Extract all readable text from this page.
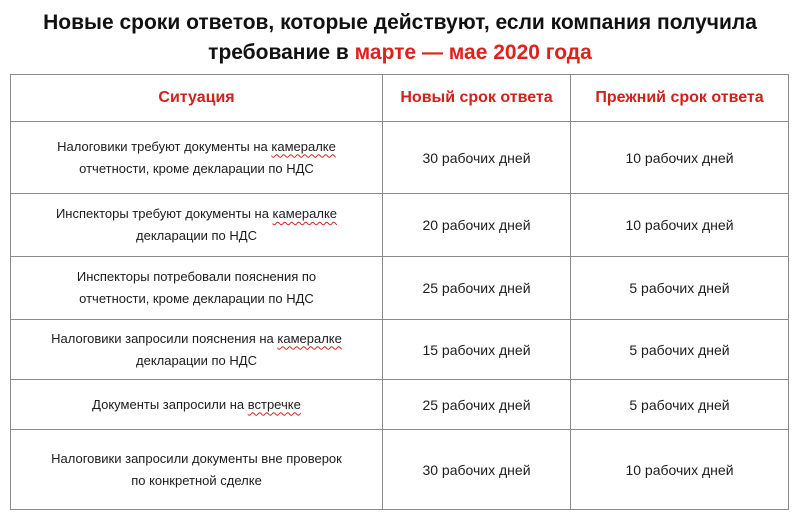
Новые сроки ответов, которые действуют, если компания получила
требование в марте — мае 2020 года
Ситуация	Новый срок ответа	Прежний срок ответа
Налоговики требуют документы на камералке
отчетности, кроме декларации по НДС	30 рабочих дней	10 рабочих дней
Инспекторы требуют документы на камералке
декларации по НДС	20 рабочих дней	10 рабочих дней
Инспекторы потребовали пояснения по
отчетности, кроме декларации по НДС	25 рабочих дней	5 рабочих дней
Налоговики запросили пояснения на камералке
декларации по НДС	15 рабочих дней	5 рабочих дней
Документы запросили на встречке	25 рабочих дней	5 рабочих дней
Налоговики запросили документы вне проверок
по конкретной сделке	30 рабочих дней	10 рабочих дней
